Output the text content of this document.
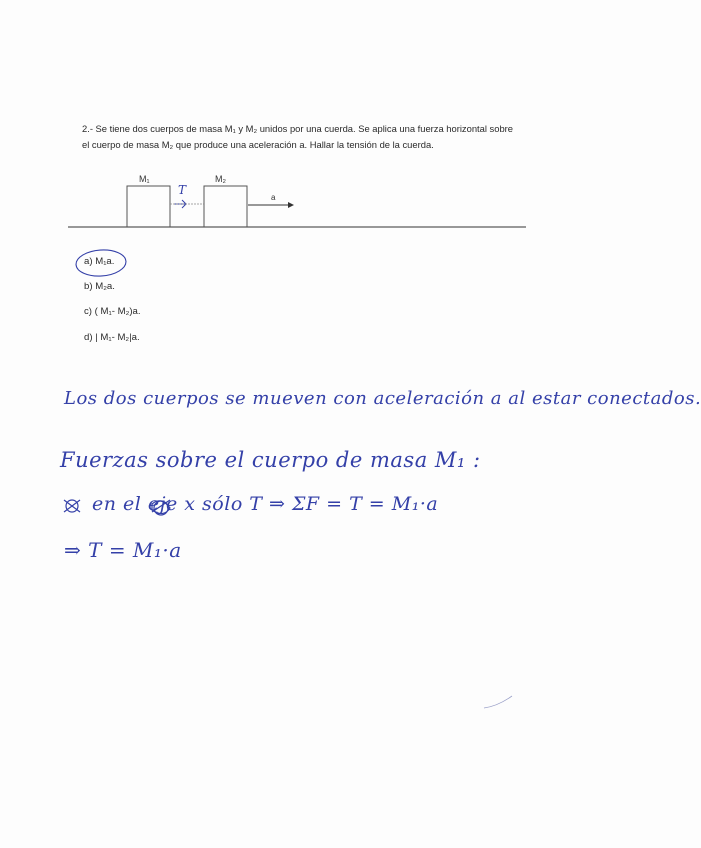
2.- Se tiene dos cuerpos de masa M₁ y M₂ unidos por una cuerda. Se aplica una fuerza horizontal sobre el cuerpo de masa M₂ que produce una aceleración a. Hallar la tensión de la cuerda.
M₁	M₂
T
a
a) M₁a.
b) M₂a.
c) ( M₁- M₂)a.
d) | M₁- M₂|a.
Los dos cuerpos se mueven con aceleración a al estar conectados.
Fuerzas sobre el cuerpo de masa M₁ :
en el eje x sólo T ⇒ ΣF = T = M₁·a
⇒ T = M₁·a
